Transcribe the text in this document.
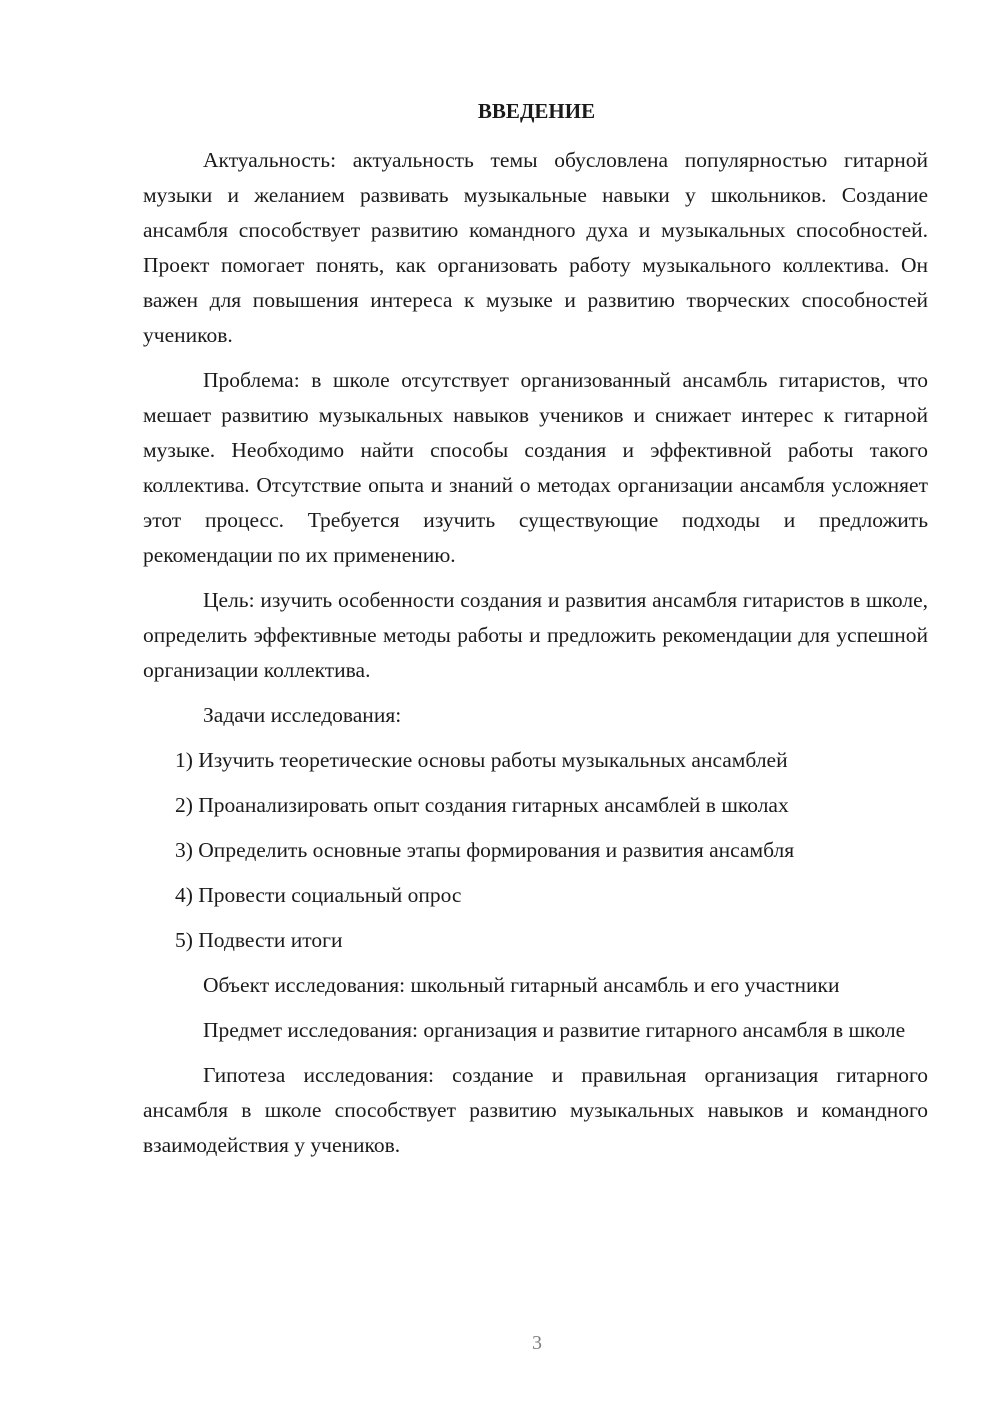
ВВЕДЕНИЕ

Актуальность: актуальность темы обусловлена популярностью гитарной музыки и желанием развивать музыкальные навыки у школьников. Создание ансамбля способствует развитию командного духа и музыкальных способностей. Проект помогает понять, как организовать работу музыкального коллектива. Он важен для повышения интереса к музыке и развитию творческих способностей учеников.

Проблема: в школе отсутствует организованный ансамбль гитаристов, что мешает развитию музыкальных навыков учеников и снижает интерес к гитарной музыке. Необходимо найти способы создания и эффективной работы такого коллектива. Отсутствие опыта и знаний о методах организации ансамбля усложняет этот процесс. Требуется изучить существующие подходы и предложить рекомендации по их применению.

Цель: изучить особенности создания и развития ансамбля гитаристов в школе, определить эффективные методы работы и предложить рекомендации для успешной организации коллектива.

Задачи исследования:

1) Изучить теоретические основы работы музыкальных ансамблей

2) Проанализировать опыт создания гитарных ансамблей в школах

3) Определить основные этапы формирования и развития ансамбля

4) Провести социальный опрос

5) Подвести итоги

Объект исследования: школьный гитарный ансамбль и его участники

Предмет исследования: организация и развитие гитарного ансамбля в школе

Гипотеза исследования: создание и правильная организация гитарного ансамбля в школе способствует развитию музыкальных навыков и командного взаимодействия у учеников.

3
